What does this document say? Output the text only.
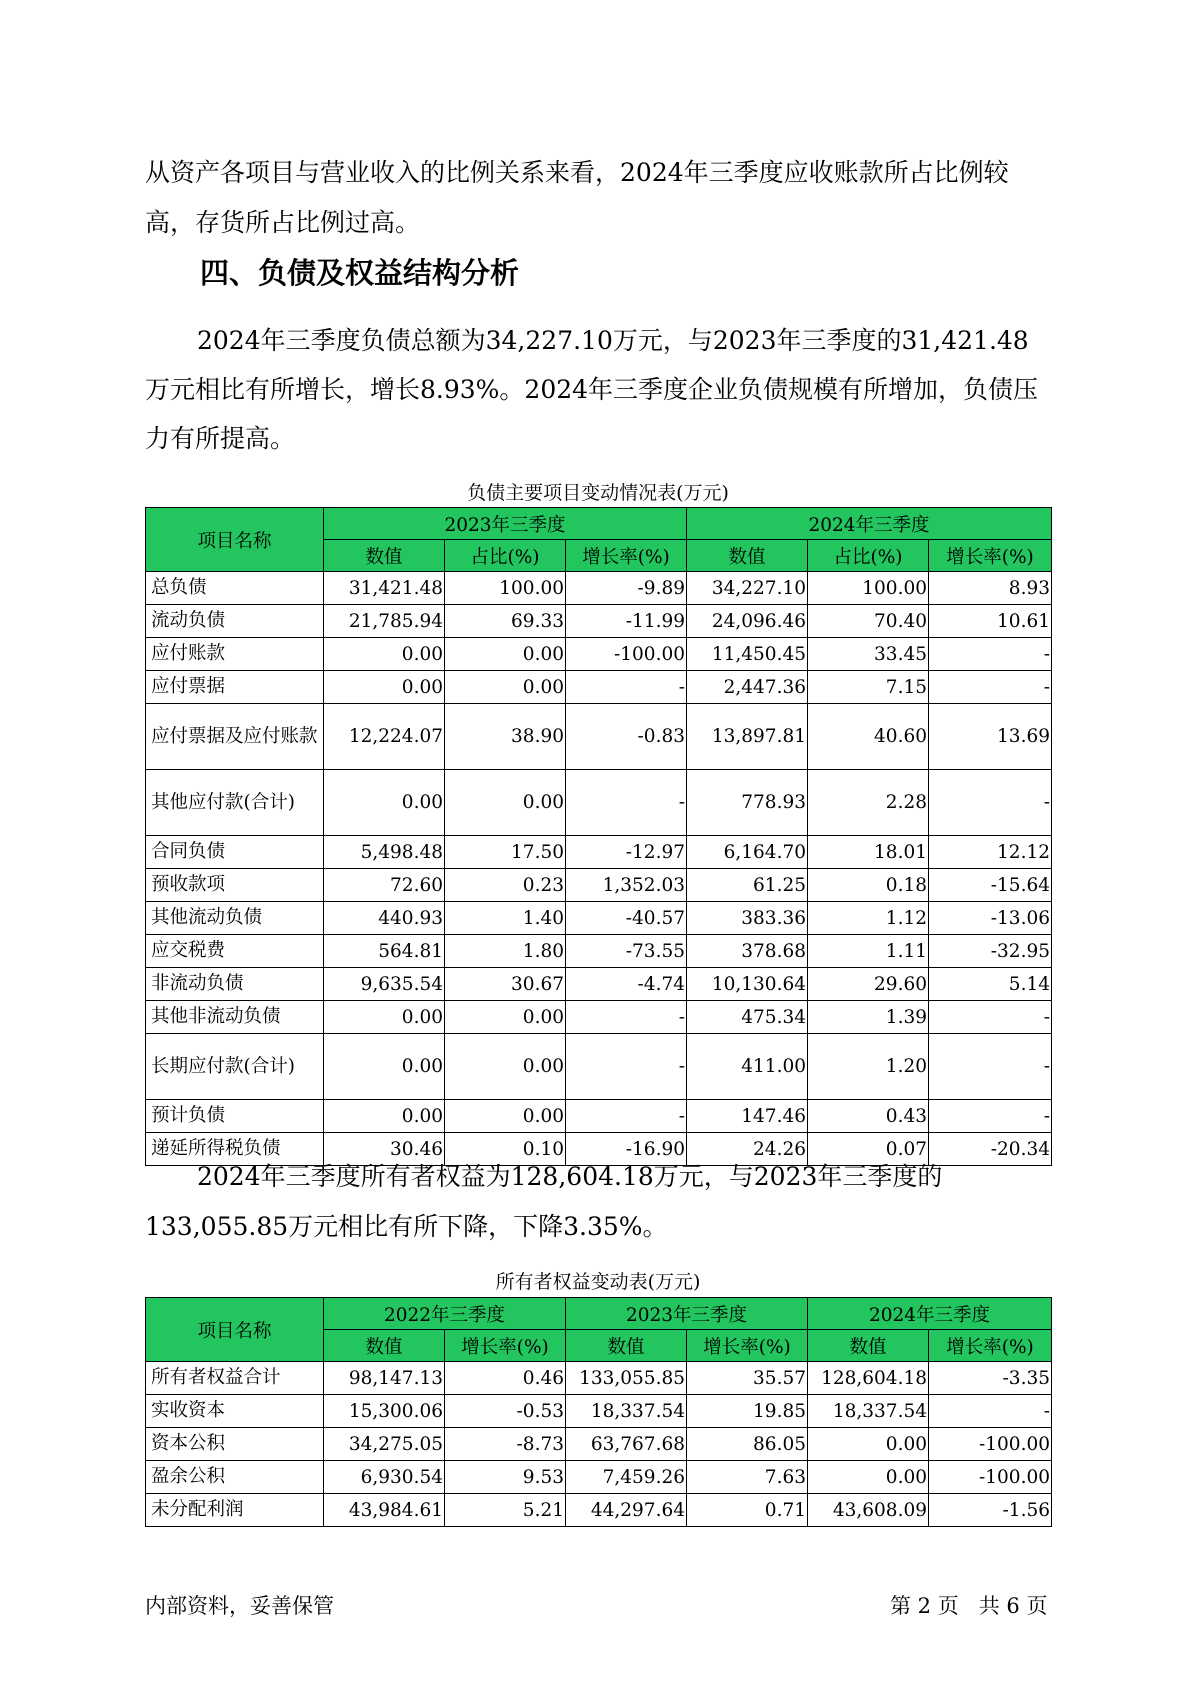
从资产各项目与营业收入的比例关系来看，2024年三季度应收账款所占比例较高，存货所占比例过高。

四、负债及权益结构分析

2024年三季度负债总额为34,227.10万元，与2023年三季度的31,421.48万元相比有所增长，增长8.93%。2024年三季度企业负债规模有所增加，负债压力有所提高。

负债主要项目变动情况表(万元)

项目名称	2023年三季度			2024年三季度		
	数值	占比(%)	增长率(%)	数值	占比(%)	增长率(%)
总负债	31,421.48	100.00	-9.89	34,227.10	100.00	8.93
流动负债	21,785.94	69.33	-11.99	24,096.46	70.40	10.61
应付账款	0.00	0.00	-100.00	11,450.45	33.45	-
应付票据	0.00	0.00	-	2,447.36	7.15	-
应付票据及应付账款	12,224.07	38.90	-0.83	13,897.81	40.60	13.69
其他应付款(合计)	0.00	0.00	-	778.93	2.28	-
合同负债	5,498.48	17.50	-12.97	6,164.70	18.01	12.12
预收款项	72.60	0.23	1,352.03	61.25	0.18	-15.64
其他流动负债	440.93	1.40	-40.57	383.36	1.12	-13.06
应交税费	564.81	1.80	-73.55	378.68	1.11	-32.95
非流动负债	9,635.54	30.67	-4.74	10,130.64	29.60	5.14
其他非流动负债	0.00	0.00	-	475.34	1.39	-
长期应付款(合计)	0.00	0.00	-	411.00	1.20	-
预计负债	0.00	0.00	-	147.46	0.43	-
递延所得税负债	30.46	0.10	-16.90	24.26	0.07	-20.34

2024年三季度所有者权益为128,604.18万元，与2023年三季度的133,055.85万元相比有所下降，下降3.35%。

所有者权益变动表(万元)

项目名称	2022年三季度		2023年三季度		2024年三季度	
	数值	增长率(%)	数值	增长率(%)	数值	增长率(%)
所有者权益合计	98,147.13	0.46	133,055.85	35.57	128,604.18	-3.35
实收资本	15,300.06	-0.53	18,337.54	19.85	18,337.54	-
资本公积	34,275.05	-8.73	63,767.68	86.05	0.00	-100.00
盈余公积	6,930.54	9.53	7,459.26	7.63	0.00	-100.00
未分配利润	43,984.61	5.21	44,297.64	0.71	43,608.09	-1.56

内部资料，妥善保管	第 2 页   共 6 页
